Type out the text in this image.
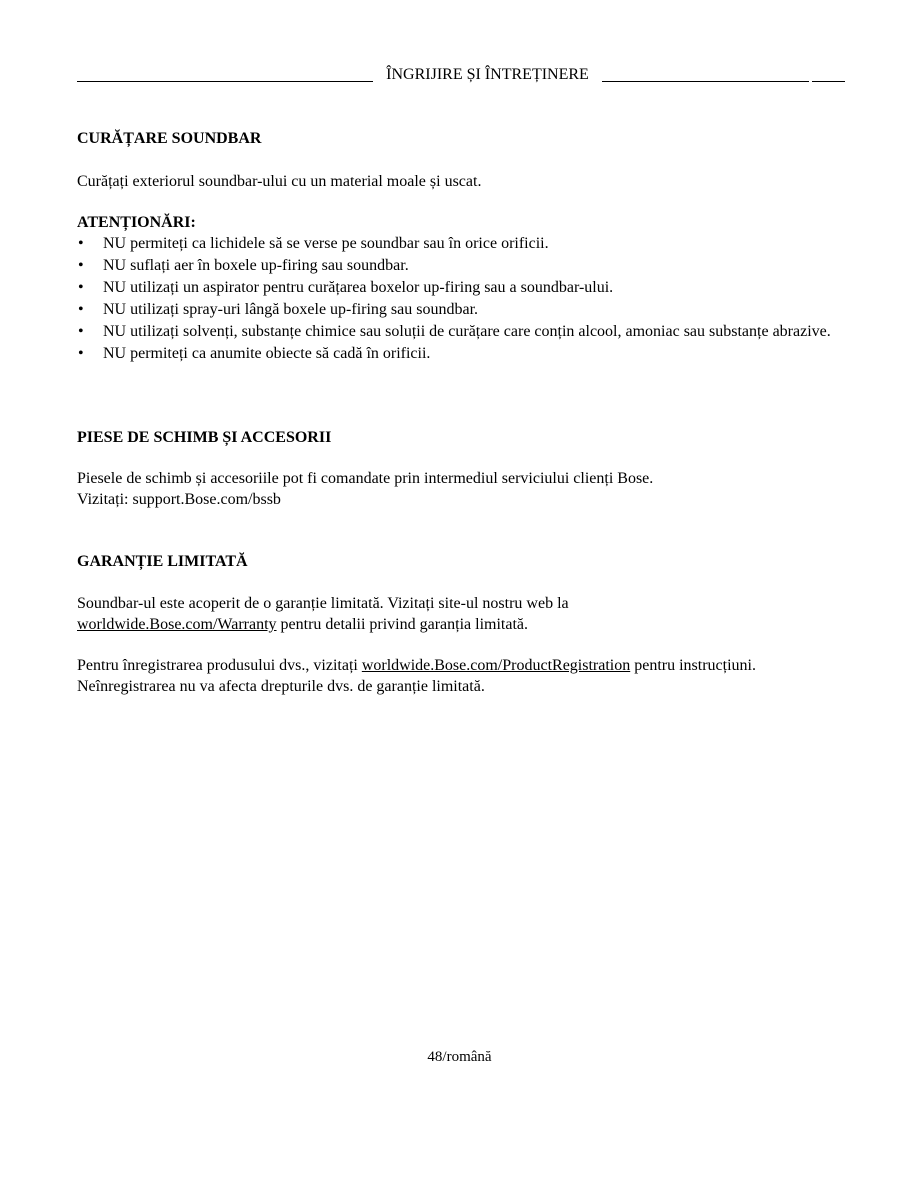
ÎNGRIJIRE ȘI ÎNTREȚINERE
CURĂȚARE SOUNDBAR

Curățați exteriorul soundbar-ului cu un material moale și uscat.

ATENȚIONĂRI:
•	NU permiteți ca lichidele să se verse pe soundbar sau în orice orificii.
•	NU suflați aer în boxele up-firing sau soundbar.
•	NU utilizați un aspirator pentru curățarea boxelor up-firing sau a soundbar-ului.
•	NU utilizați spray-uri lângă boxele up-firing sau soundbar.
•	NU utilizați solvenți, substanțe chimice sau soluții de curățare care conțin alcool, amoniac sau substanțe abrazive.
•	NU permiteți ca anumite obiecte să cadă în orificii.
PIESE DE SCHIMB ȘI ACCESORII

Piesele de schimb și accesoriile pot fi comandate prin intermediul serviciului clienți Bose.

Vizitați: support.Bose.com/bssb

GARANȚIE LIMITATĂ

Soundbar-ul este acoperit de o garanție limitată. Vizitați site-ul nostru web la

worldwide.Bose.com/Warranty pentru detalii privind garanția limitată.

Pentru înregistrarea produsului dvs., vizitați worldwide.Bose.com/ProductRegistration pentru instrucțiuni.

Neînregistrarea nu va afecta drepturile dvs. de garanție limitată.

48/română
